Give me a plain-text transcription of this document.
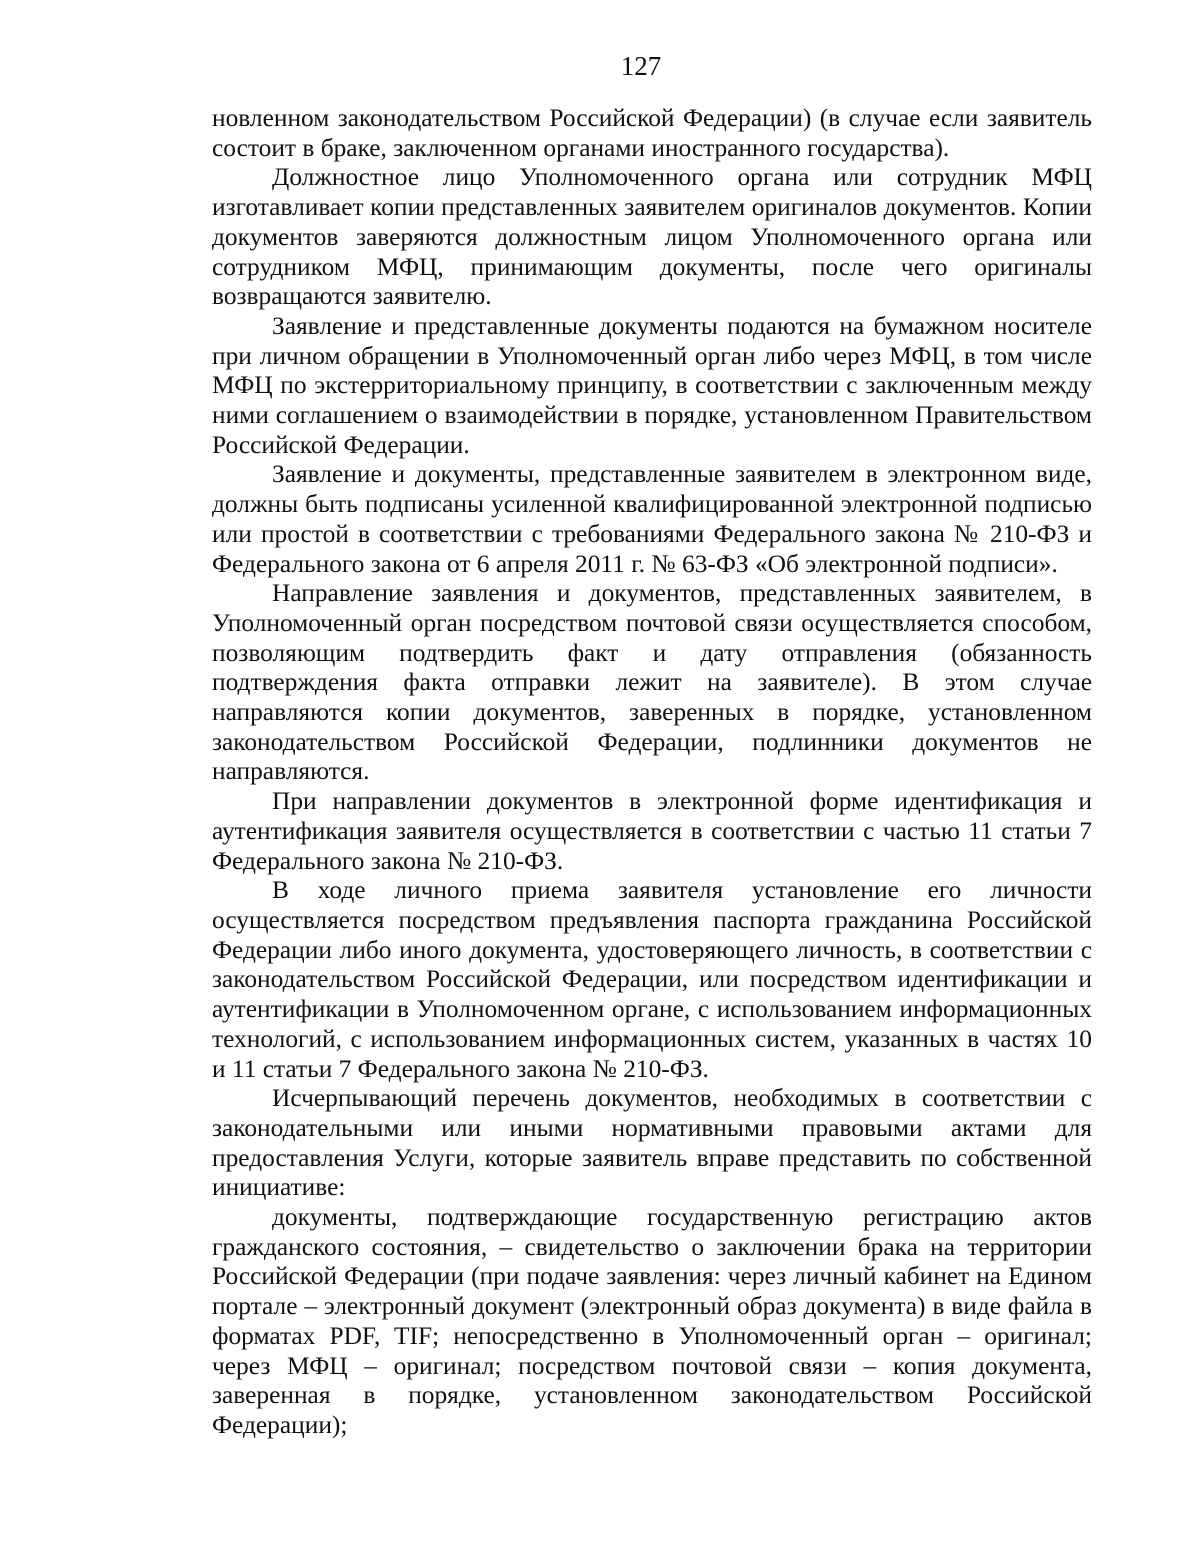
127

новленном законодательством Российской Федерации) (в случае если заявитель состоит в браке, заключенном органами иностранного государства).

Должностное лицо Уполномоченного органа или сотрудник МФЦ изготавливает копии представленных заявителем оригиналов документов. Копии документов заверяются должностным лицом Уполномоченного органа или сотрудником МФЦ, принимающим документы, после чего оригиналы возвращаются заявителю.

Заявление и представленные документы подаются на бумажном носителе при личном обращении в Уполномоченный орган либо через МФЦ, в том числе МФЦ по экстерриториальному принципу, в соответствии с заключенным между ними соглашением о взаимодействии в порядке, установленном Правительством Российской Федерации.

Заявление и документы, представленные заявителем в электронном виде, должны быть подписаны усиленной квалифицированной электронной подписью или простой в соответствии с требованиями Федерального закона № 210-ФЗ и Федерального закона от 6 апреля 2011 г. № 63-ФЗ «Об электронной подписи».

Направление заявления и документов, представленных заявителем, в Уполномоченный орган посредством почтовой связи осуществляется способом, позволяющим подтвердить факт и дату отправления (обязанность подтверждения факта отправки лежит на заявителе). В этом случае направляются копии документов, заверенных в порядке, установленном законодательством Российской Федерации, подлинники документов не направляются.

При направлении документов в электронной форме идентификация и аутентификация заявителя осуществляется в соответствии с частью 11 статьи 7 Федерального закона № 210-ФЗ.

В ходе личного приема заявителя установление его личности осуществляется посредством предъявления паспорта гражданина Российской Федерации либо иного документа, удостоверяющего личность, в соответствии с законодательством Российской Федерации, или посредством идентификации и аутентификации в Уполномоченном органе, с использованием информационных технологий, с использованием информационных систем, указанных в частях 10 и 11 статьи 7 Федерального закона № 210-ФЗ.

Исчерпывающий перечень документов, необходимых в соответствии с законодательными или иными нормативными правовыми актами для предоставления Услуги, которые заявитель вправе представить по собственной инициативе:

документы, подтверждающие государственную регистрацию актов гражданского состояния, – свидетельство о заключении брака на территории Российской Федерации (при подаче заявления: через личный кабинет на Едином портале – электронный документ (электронный образ документа) в виде файла в форматах PDF, TIF; непосредственно в Уполномоченный орган – оригинал; через МФЦ – оригинал; посредством почтовой связи – копия документа, заверенная в порядке, установленном законодательством Российской Федерации);
